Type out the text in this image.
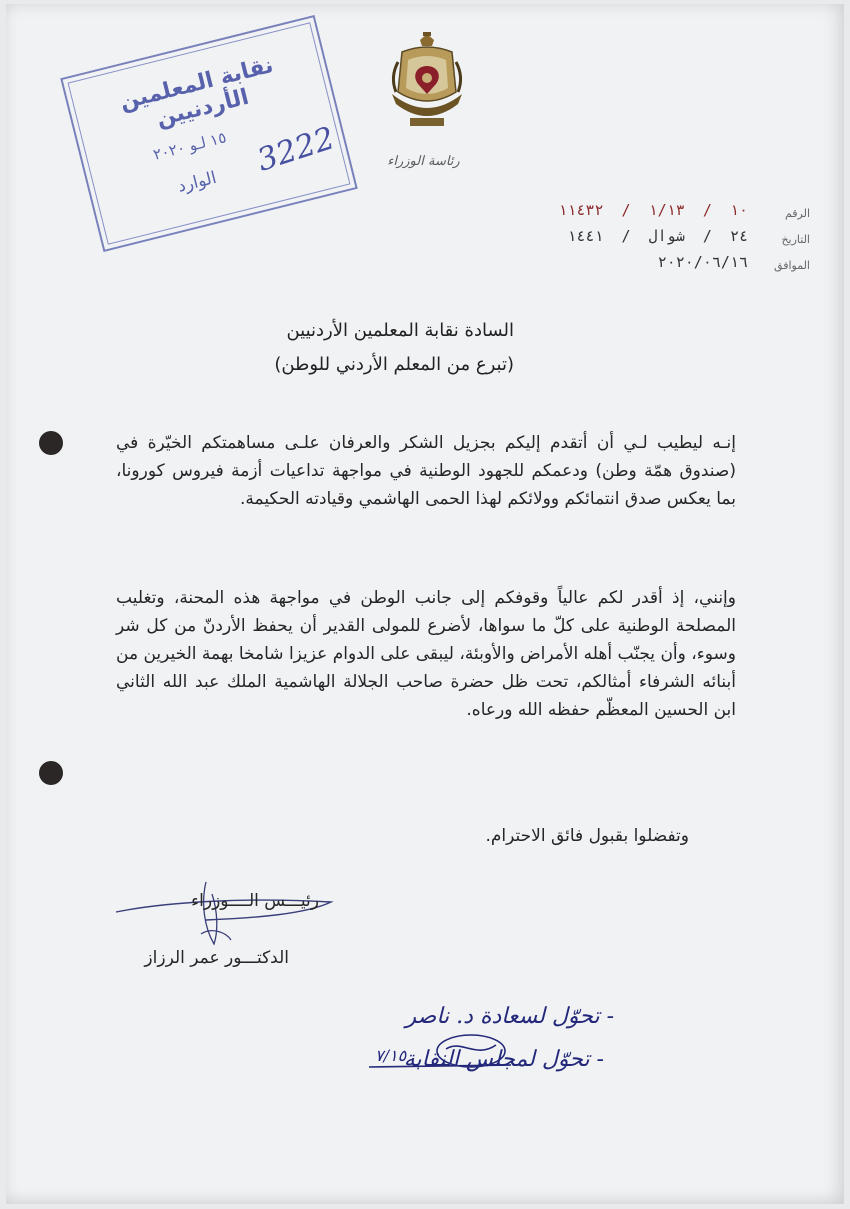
نقابة المعلمين الأردنيين
١٥ لـو ٢٠٢٠
الوارد
3222	رئاسة الوزراء
الرقم
١٠  /  ١/١٣  /  ١١٤٣٢
التاريخ
٢٤  /  شوال  /  ١٤٤١
الموافق
٢٠٢٠/٠٦/١٦
السادة نقابة المعلمين الأردنيين
(تبرع من المعلم الأردني للوطن)
إنـه ليطيب لـي أن أتقدم إليكم بجزيل الشكر والعرفان علـى مساهمتكم الخيّرة في (صندوق همّة وطن) ودعمكم للجهود الوطنية في مواجهة تداعيات أزمة فيروس كورونا، بما يعكس صدق انتمائكم وولائكم لهذا الحمى الهاشمي وقيادته الحكيمة.
وإنني، إذ أقدر لكم عالياً وقوفكم إلى جانب الوطن في مواجهة هذه المحنة، وتغليب المصلحة الوطنية على كلّ ما سواها، لأضرع للمولى القدير أن يحفظ الأردنّ من كل شر وسوء، وأن يجنّب أهله الأمراض والأوبئة، ليبقى على الدوام عزيزا شامخا بهمة الخيرين من أبنائه الشرفاء أمثالكم، تحت ظل حضرة صاحب الجلالة الهاشمية الملك عبد الله الثاني ابن الحسين المعظّم حفظه الله ورعاه.
وتفضلوا بقبول فائق الاحترام.
رئيـــس الــــوزراء
الدكتـــور عمر الرزاز
- تحوّل لسعادة د. ناصر
- تحوّل لمجلس النقابة
٧/١٥
